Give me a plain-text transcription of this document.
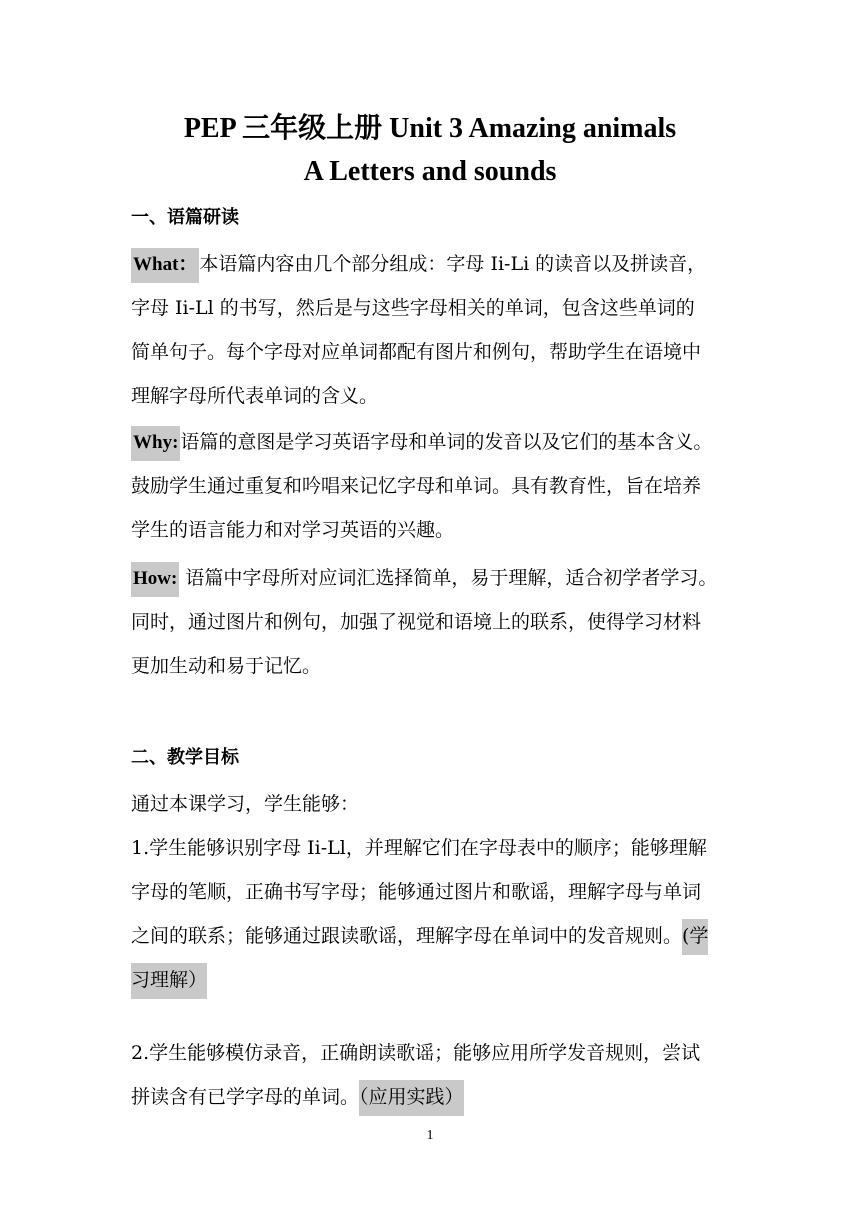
PEP 三年级上册 Unit 3 Amazing animals
A Letters and sounds
一、语篇研读
What： 本语篇内容由几个部分组成：字母 Ii-Li 的读音以及拼读音，
字母 Ii-Ll 的书写，然后是与这些字母相关的单词，包含这些单词的
简单句子。每个字母对应单词都配有图片和例句，帮助学生在语境中
理解字母所代表单词的含义。
Why: 语篇的意图是学习英语字母和单词的发音以及它们的基本含义。
鼓励学生通过重复和吟唱来记忆字母和单词。具有教育性，旨在培养
学生的语言能力和对学习英语的兴趣。
How: 语篇中字母所对应词汇选择简单，易于理解，适合初学者学习。
同时，通过图片和例句，加强了视觉和语境上的联系，使得学习材料
更加生动和易于记忆。
二、教学目标
通过本课学习，学生能够：
1.学生能够识别字母 Ii-Ll，并理解它们在字母表中的顺序；能够理解
字母的笔顺，正确书写字母；能够通过图片和歌谣，理解字母与单词
之间的联系；能够通过跟读歌谣，理解字母在单词中的发音规则。(学
习理解）
2.学生能够模仿录音，正确朗读歌谣；能够应用所学发音规则，尝试
拼读含有已学字母的单词。（应用实践）
1
